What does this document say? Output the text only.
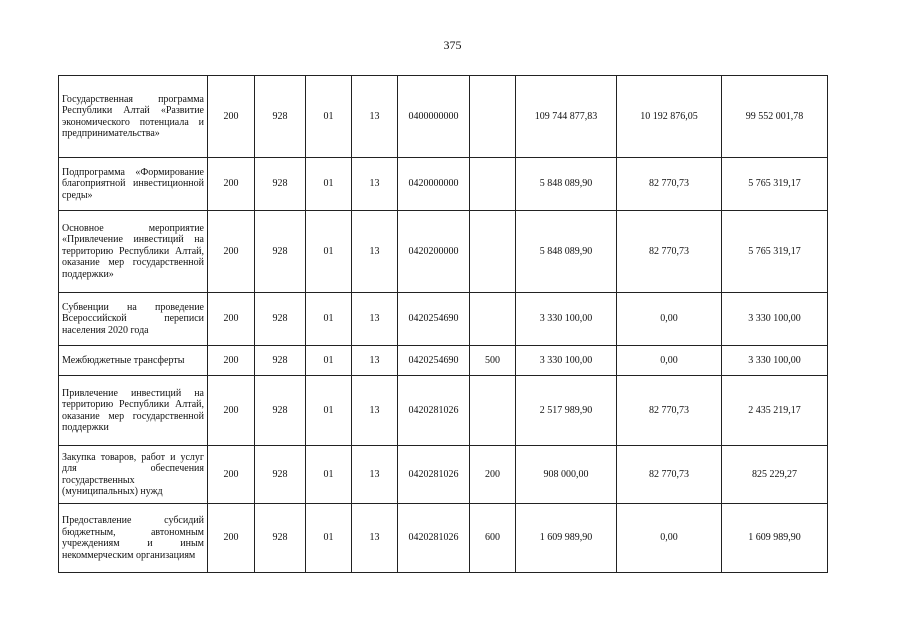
375
Государственная программа Республики Алтай «Развитие экономического потенциала и предпринимательства»	200	928	01	13	0400000000		109 744 877,83	10 192 876,05	99 552 001,78
Подпрограмма «Формирование благоприятной инвестиционной среды»	200	928	01	13	0420000000		5 848 089,90	82 770,73	5 765 319,17
Основное мероприятие «Привлечение инвестиций на территорию Республики Алтай, оказание мер государственной поддержки»	200	928	01	13	0420200000		5 848 089,90	82 770,73	5 765 319,17
Субвенции на проведение Всероссийской переписи населения 2020 года	200	928	01	13	0420254690		3 330 100,00	0,00	3 330 100,00
Межбюджетные трансферты	200	928	01	13	0420254690	500	3 330 100,00	0,00	3 330 100,00
Привлечение инвестиций на территорию Республики Алтай, оказание мер государственной поддержки	200	928	01	13	0420281026		2 517 989,90	82 770,73	2 435 219,17
Закупка товаров, работ и услуг для обеспечения государственных (муниципальных) нужд	200	928	01	13	0420281026	200	908 000,00	82 770,73	825 229,27
Предоставление субсидий бюджетным, автономным учреждениям и иным некоммерческим организациям	200	928	01	13	0420281026	600	1 609 989,90	0,00	1 609 989,90
